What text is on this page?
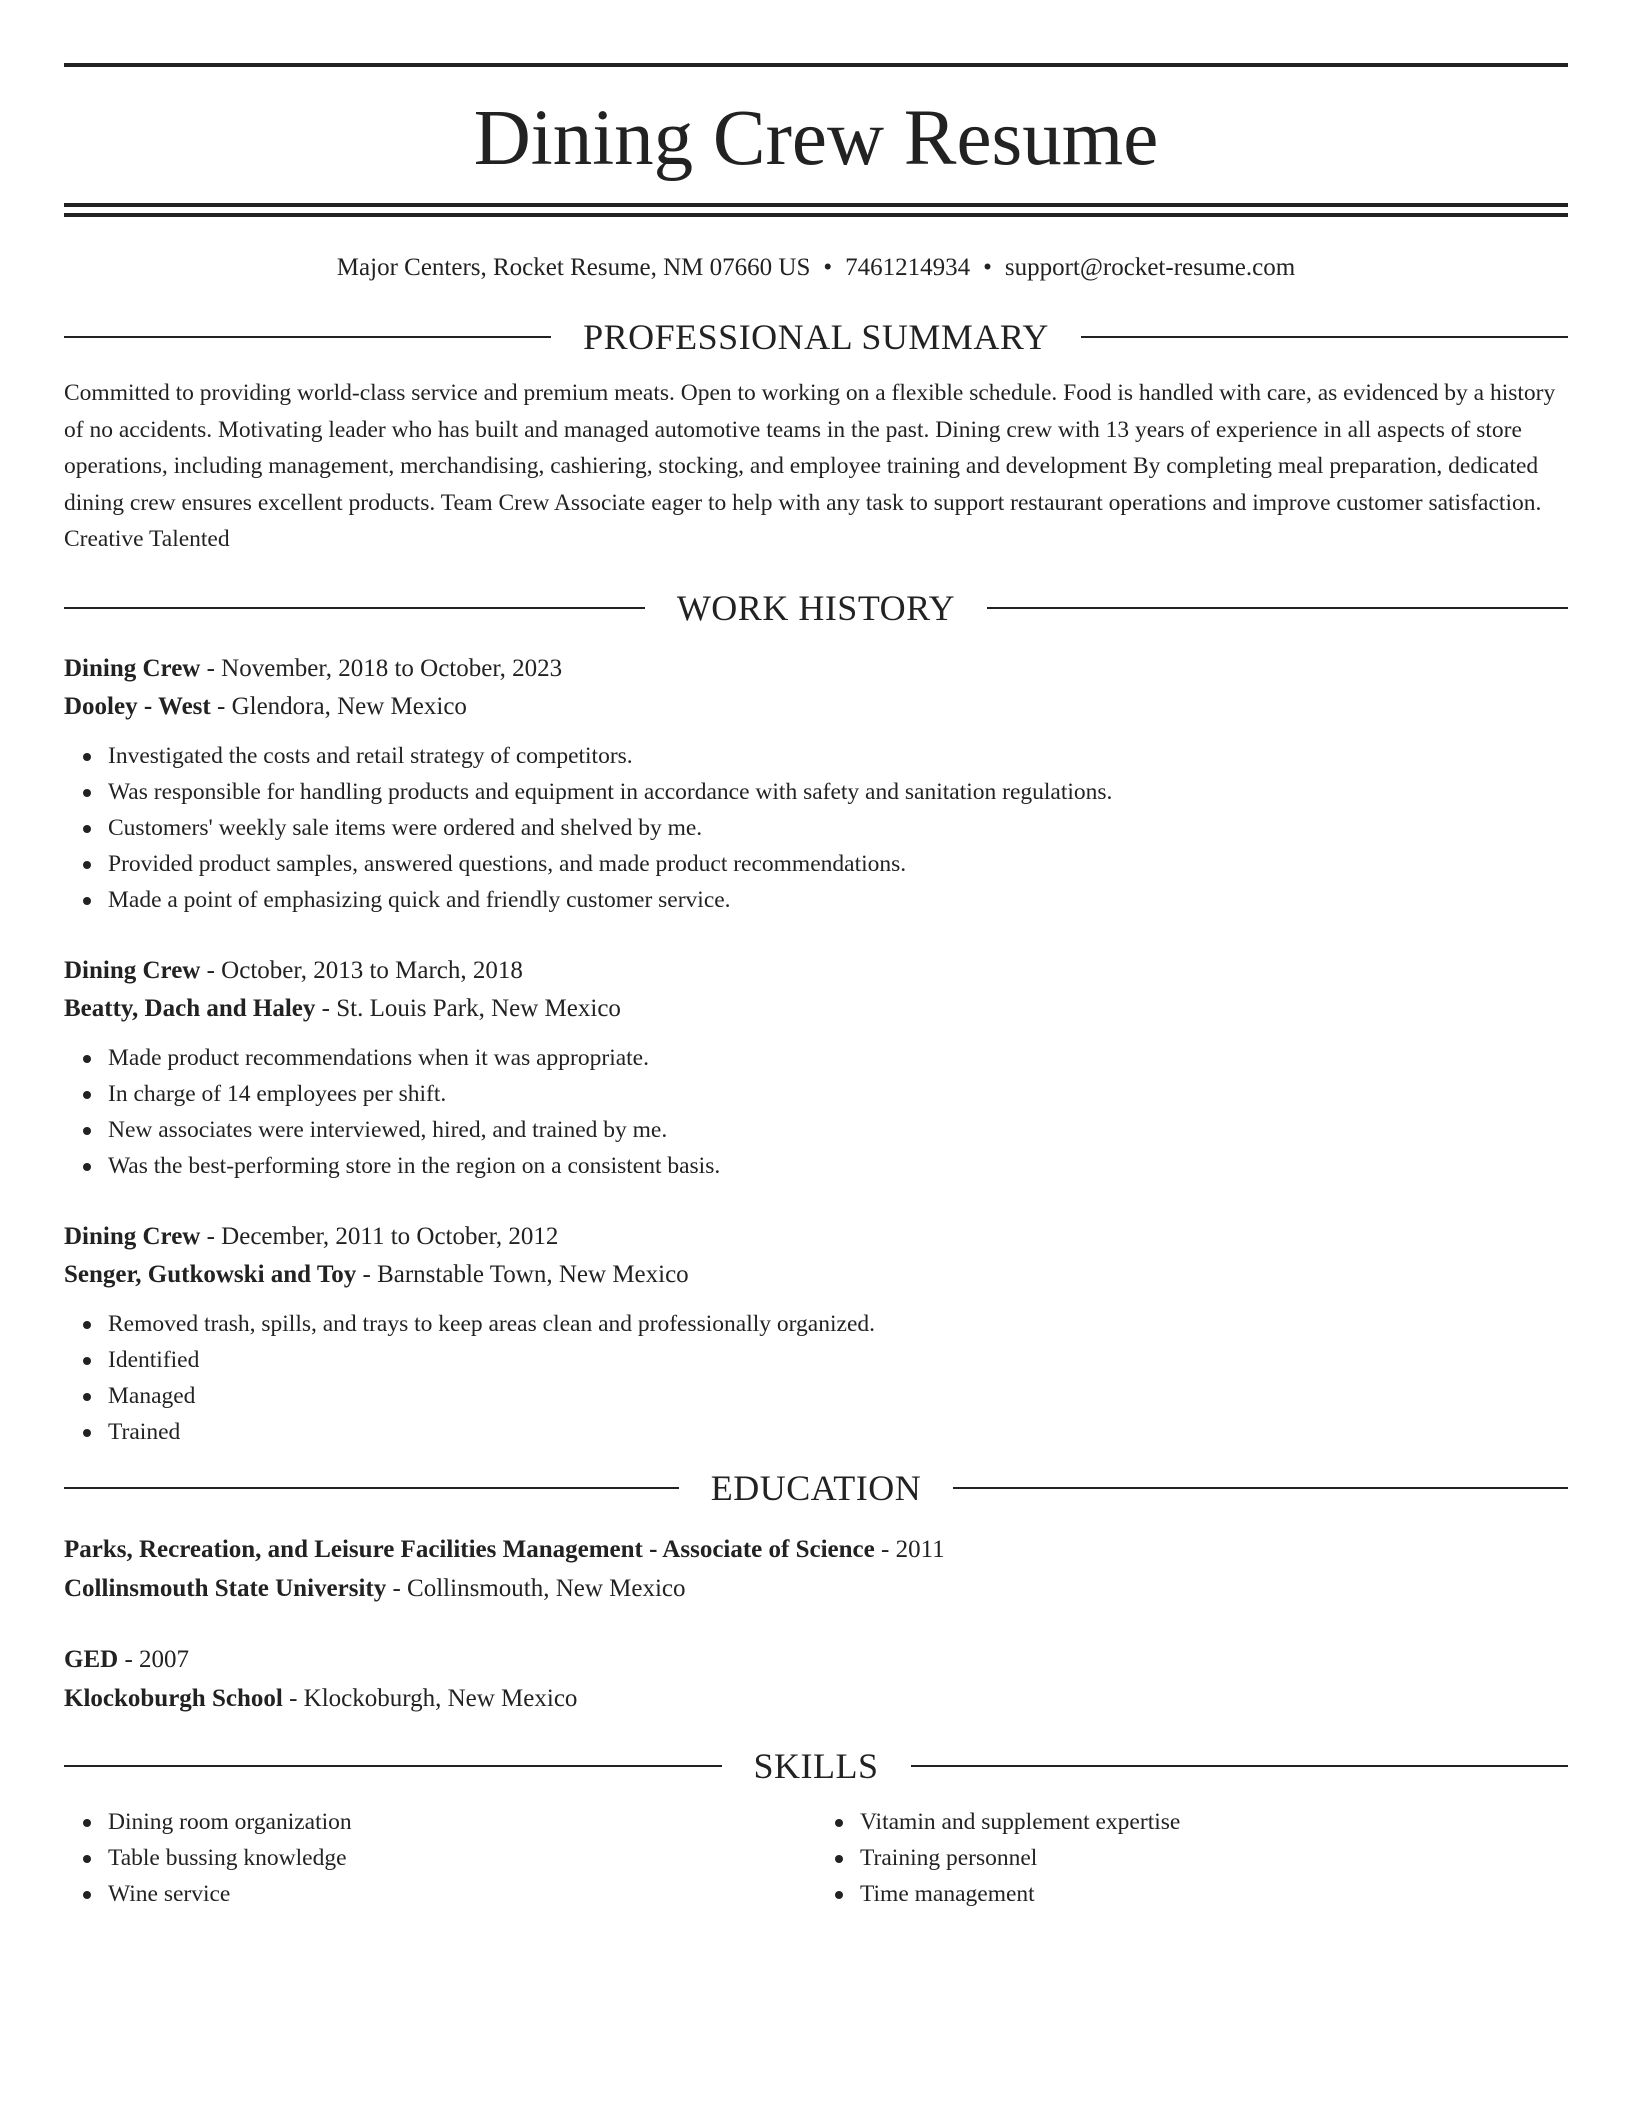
Dining Crew Resume
Major Centers, Rocket Resume, NM 07660 US • 7461214934 • support@rocket-resume.com
PROFESSIONAL SUMMARY
Committed to providing world-class service and premium meats. Open to working on a flexible schedule. Food is handled with care, as evidenced by a history of no accidents. Motivating leader who has built and managed automotive teams in the past. Dining crew with 13 years of experience in all aspects of store operations, including management, merchandising, cashiering, stocking, and employee training and development By completing meal preparation, dedicated dining crew ensures excellent products. Team Crew Associate eager to help with any task to support restaurant operations and improve customer satisfaction. Creative Talented
WORK HISTORY
Dining Crew - November, 2018 to October, 2023
Dooley - West - Glendora, New Mexico
Investigated the costs and retail strategy of competitors.
Was responsible for handling products and equipment in accordance with safety and sanitation regulations.
Customers' weekly sale items were ordered and shelved by me.
Provided product samples, answered questions, and made product recommendations.
Made a point of emphasizing quick and friendly customer service.
Dining Crew - October, 2013 to March, 2018
Beatty, Dach and Haley - St. Louis Park, New Mexico
Made product recommendations when it was appropriate.
In charge of 14 employees per shift.
New associates were interviewed, hired, and trained by me.
Was the best-performing store in the region on a consistent basis.
Dining Crew - December, 2011 to October, 2012
Senger, Gutkowski and Toy - Barnstable Town, New Mexico
Removed trash, spills, and trays to keep areas clean and professionally organized.
Identified
Managed
Trained
EDUCATION
Parks, Recreation, and Leisure Facilities Management - Associate of Science - 2011
Collinsmouth State University - Collinsmouth, New Mexico
GED - 2007
Klockoburgh School - Klockoburgh, New Mexico
SKILLS
Dining room organization
Table bussing knowledge
Wine service
Vitamin and supplement expertise
Training personnel
Time management
